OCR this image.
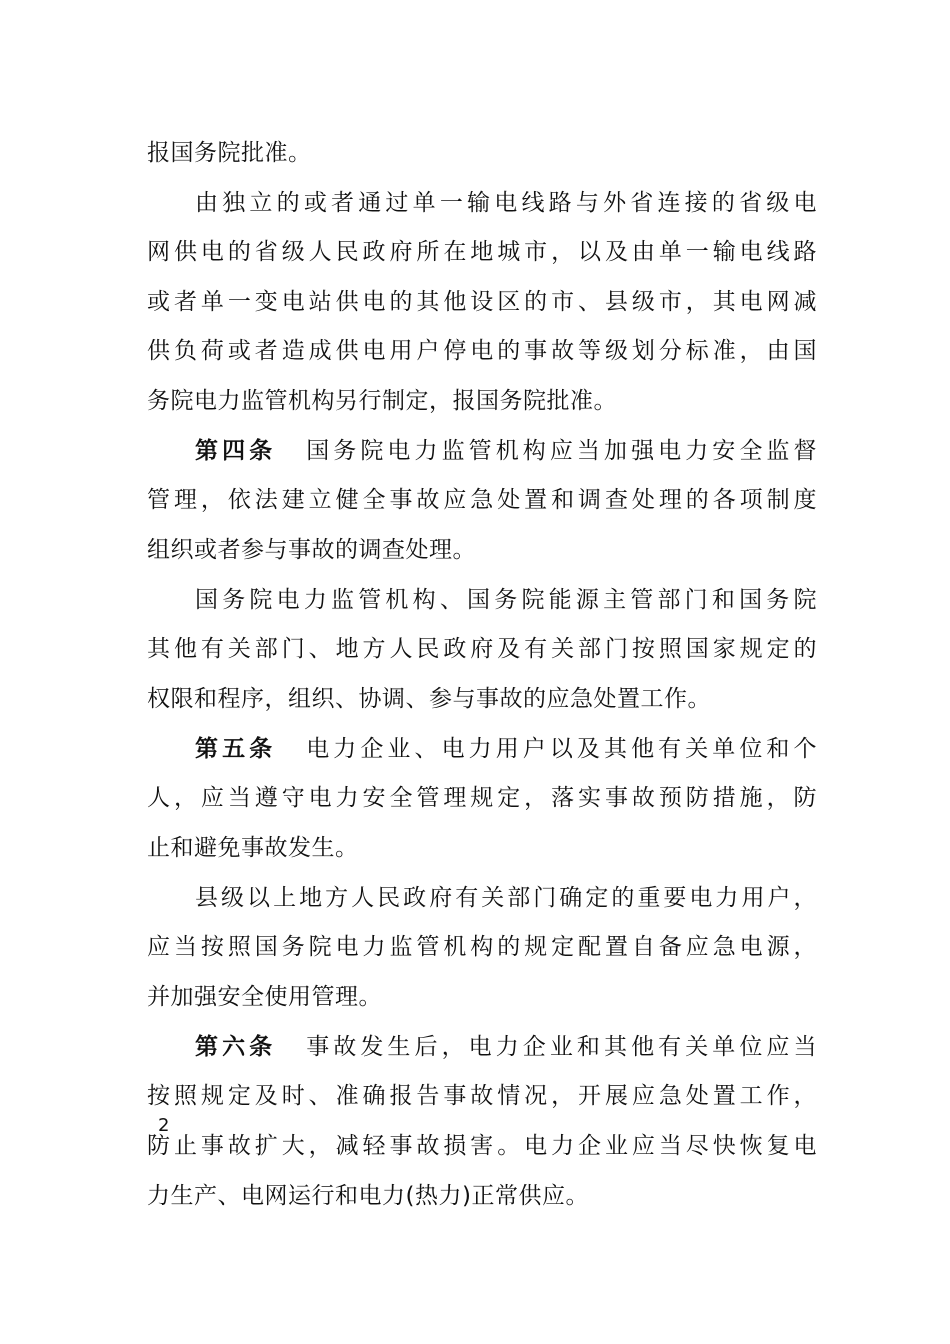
报国务院批准。
由独立的或者通过单一输电线路与外省连接的省级电
网供电的省级人民政府所在地城市，以及由单一输电线路
或者单一变电站供电的其他设区的市、县级市，其电网减
供负荷或者造成供电用户停电的事故等级划分标准，由国
务院电力监管机构另行制定，报国务院批准。
第四条 国务院电力监管机构应当加强电力安全监督
管理，依法建立健全事故应急处置和调查处理的各项制度
组织或者参与事故的调查处理。
国务院电力监管机构、国务院能源主管部门和国务院
其他有关部门、地方人民政府及有关部门按照国家规定的
权限和程序，组织、协调、参与事故的应急处置工作。
第五条 电力企业、电力用户以及其他有关单位和个
人，应当遵守电力安全管理规定，落实事故预防措施，防
止和避免事故发生。
县级以上地方人民政府有关部门确定的重要电力用户，
应当按照国务院电力监管机构的规定配置自备应急电源，
并加强安全使用管理。
第六条 事故发生后，电力企业和其他有关单位应当
按照规定及时、准确报告事故情况，开展应急处置工作，
防止事故扩大，减轻事故损害。电力企业应当尽快恢复电
力生产、电网运行和电力(热力)正常供应。
2
